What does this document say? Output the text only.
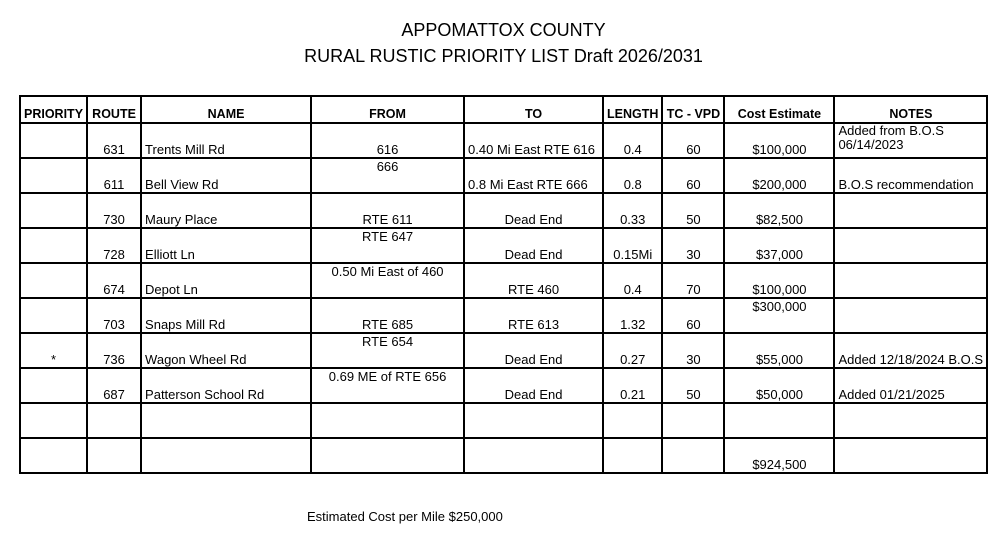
APPOMATTOX COUNTY
RURAL RUSTIC PRIORITY LIST Draft 2026/2031
PRIORITY	ROUTE	NAME	FROM	TO	LENGTH	TC - VPD	Cost Estimate	NOTES
	631	Trents Mill Rd	616	0.40 Mi East RTE 616	0.4	60	$100,000	Added from B.O.S
06/14/2023

	611	Bell View Rd	666	0.8 Mi East RTE 666	0.8	60	$200,000	B.O.S recommendation
	730	Maury Place	RTE 611	Dead End	0.33	50	$82,500	
	728	Elliott Ln	RTE 647	Dead End	0.15Mi	30	$37,000	
	674	Depot Ln	0.50 Mi East of 460	RTE 460	0.4	70	$100,000	
	703	Snaps Mill Rd	RTE 685	RTE 613	1.32	60	$300,000	
*	736	Wagon Wheel Rd	RTE 654	Dead End	0.27	30	$55,000	Added 12/18/2024 B.O.S
	687	Patterson School Rd	0.69 ME of RTE 656	Dead End	0.21	50	$50,000	Added 01/21/2025

							$924,500	
Estimated Cost per Mile $250,000
